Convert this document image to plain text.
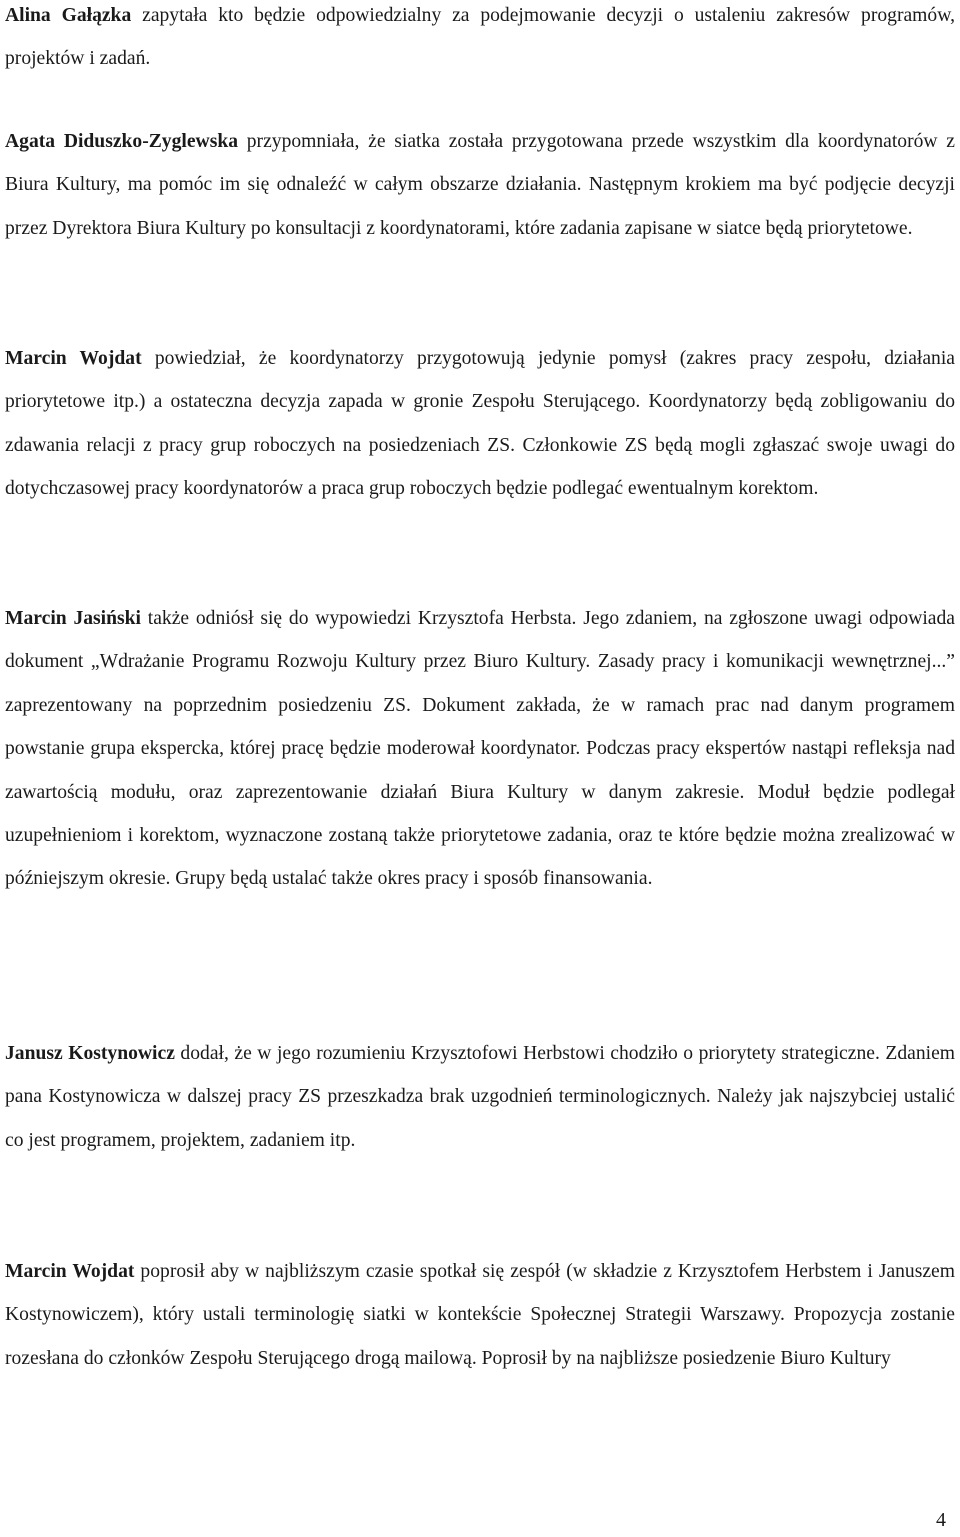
Alina Gałązka zapytała kto będzie odpowiedzialny za podejmowanie decyzji o ustaleniu zakresów programów, projektów i zadań.

Agata Diduszko-Zyglewska przypomniała, że siatka została przygotowana przede wszystkim dla koordynatorów z Biura Kultury, ma pomóc im się odnaleźć w całym obszarze działania. Następnym krokiem ma być podjęcie decyzji przez Dyrektora Biura Kultury po konsultacji z koordynatorami, które zadania zapisane w siatce będą priorytetowe.

Marcin Wojdat powiedział, że koordynatorzy przygotowują jedynie pomysł (zakres pracy zespołu, działania priorytetowe itp.) a ostateczna decyzja zapada w gronie Zespołu Sterującego. Koordynatorzy będą zobligowaniu do zdawania relacji z pracy grup roboczych na posiedzeniach ZS. Członkowie ZS będą mogli zgłaszać swoje uwagi do dotychczasowej pracy koordynatorów a praca grup roboczych będzie podlegać ewentualnym korektom.

Marcin Jasiński także odniósł się do wypowiedzi Krzysztofa Herbsta. Jego zdaniem, na zgłoszone uwagi odpowiada dokument „Wdrażanie Programu Rozwoju Kultury przez Biuro Kultury. Zasady pracy i komunikacji wewnętrznej...” zaprezentowany na poprzednim posiedzeniu ZS. Dokument zakłada, że w ramach prac nad danym programem powstanie grupa ekspercka, której pracę będzie moderował koordynator. Podczas pracy ekspertów nastąpi refleksja nad zawartością modułu, oraz zaprezentowanie działań Biura Kultury w danym zakresie. Moduł będzie podlegał uzupełnieniom i korektom, wyznaczone zostaną także priorytetowe zadania, oraz te które będzie można zrealizować w późniejszym okresie. Grupy będą ustalać także okres pracy i sposób finansowania.

Janusz Kostynowicz dodał, że w jego rozumieniu Krzysztofowi Herbstowi chodziło o priorytety strategiczne. Zdaniem pana Kostynowicza w dalszej pracy ZS przeszkadza brak uzgodnień terminologicznych. Należy jak najszybciej ustalić co jest programem, projektem, zadaniem itp.

Marcin Wojdat poprosił aby w najbliższym czasie spotkał się zespół (w składzie z Krzysztofem Herbstem i Januszem Kostynowiczem), który ustali terminologię siatki w kontekście Społecznej Strategii Warszawy. Propozycja zostanie rozesłana do członków Zespołu Sterującego drogą mailową. Poprosił by na najbliższe posiedzenie Biuro Kultury

4
